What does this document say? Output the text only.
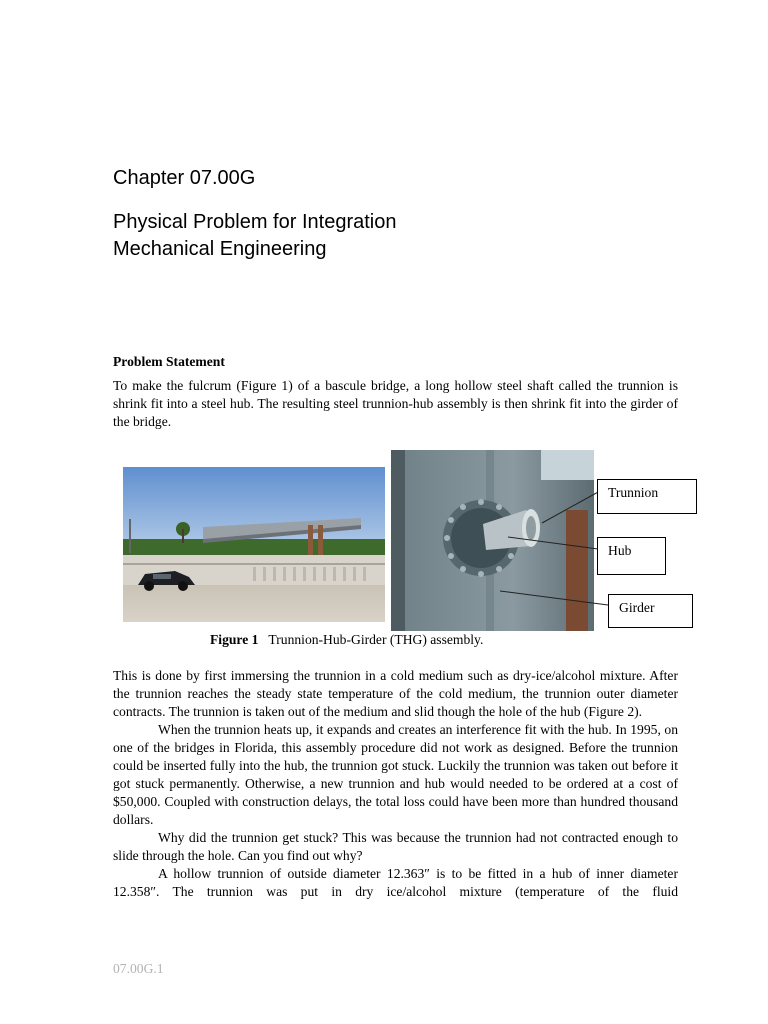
Chapter 07.00G
Physical Problem for Integration
Mechanical Engineering
Problem Statement
To make the fulcrum (Figure 1) of a bascule bridge, a long hollow steel shaft called the trunnion is shrink fit into a steel hub. The resulting steel trunnion-hub assembly is then shrink fit into the girder of the bridge.
Trunnion
Hub
Girder
Figure 1 Trunnion-Hub-Girder (THG) assembly.
This is done by first immersing the trunnion in a cold medium such as dry-ice/alcohol mixture. After the trunnion reaches the steady state temperature of the cold medium, the trunnion outer diameter contracts. The trunnion is taken out of the medium and slid though the hole of the hub (Figure 2).
When the trunnion heats up, it expands and creates an interference fit with the hub. In 1995, on one of the bridges in Florida, this assembly procedure did not work as designed. Before the trunnion could be inserted fully into the hub, the trunnion got stuck. Luckily the trunnion was taken out before it got stuck permanently. Otherwise, a new trunnion and hub would needed to be ordered at a cost of $50,000. Coupled with construction delays, the total loss could have been more than hundred thousand dollars.
Why did the trunnion get stuck? This was because the trunnion had not contracted enough to slide through the hole. Can you find out why?
A hollow trunnion of outside diameter 12.363″ is to be fitted in a hub of inner diameter 12.358″. The trunnion was put in dry ice/alcohol mixture (temperature of the fluid
07.00G.1
